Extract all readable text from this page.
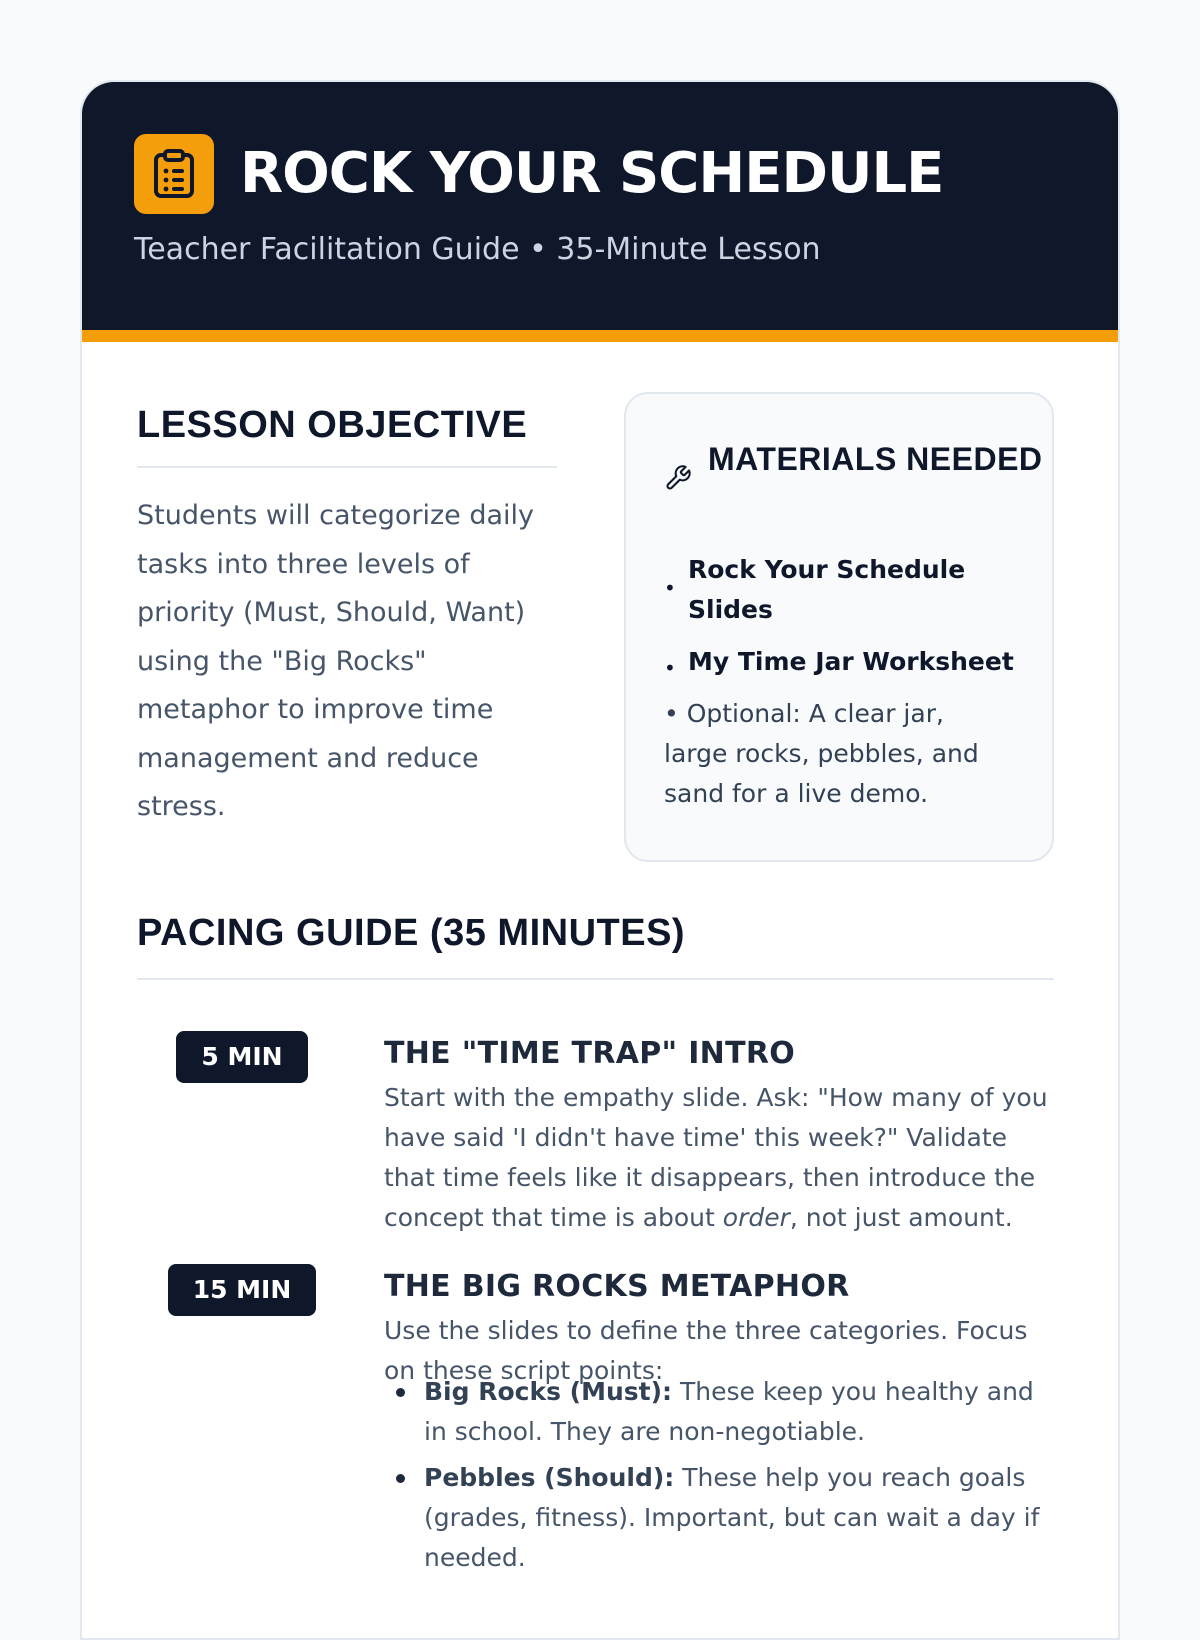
ROCK YOUR SCHEDULE

Teacher Facilitation Guide • 35-Minute Lesson

LESSON OBJECTIVE

Students will categorize daily tasks into three levels of priority (Must, Should, Want) using the "Big Rocks" metaphor to improve time management and reduce stress.

MATERIALS NEEDED
•

Rock Your Schedule Slides

• My Time Jar Worksheet

• Optional: A clear jar, large rocks, pebbles, and sand for a live demo.

PACING GUIDE (35 MINUTES)
5 MIN	THE "TIME TRAP" INTRO

Start with the empathy slide. Ask: "How many of you have said 'I didn't have time' this week?" Validate that time feels like it disappears, then introduce the concept that time is about order, not just amount.

15 MIN	THE BIG ROCKS METAPHOR

Use the slides to define the three categories. Focus on these script points:

Big Rocks (Must): These keep you healthy and in school. They are non-negotiable.
Pebbles (Should): These help you reach goals (grades, fitness). Important, but can wait a day if needed.
